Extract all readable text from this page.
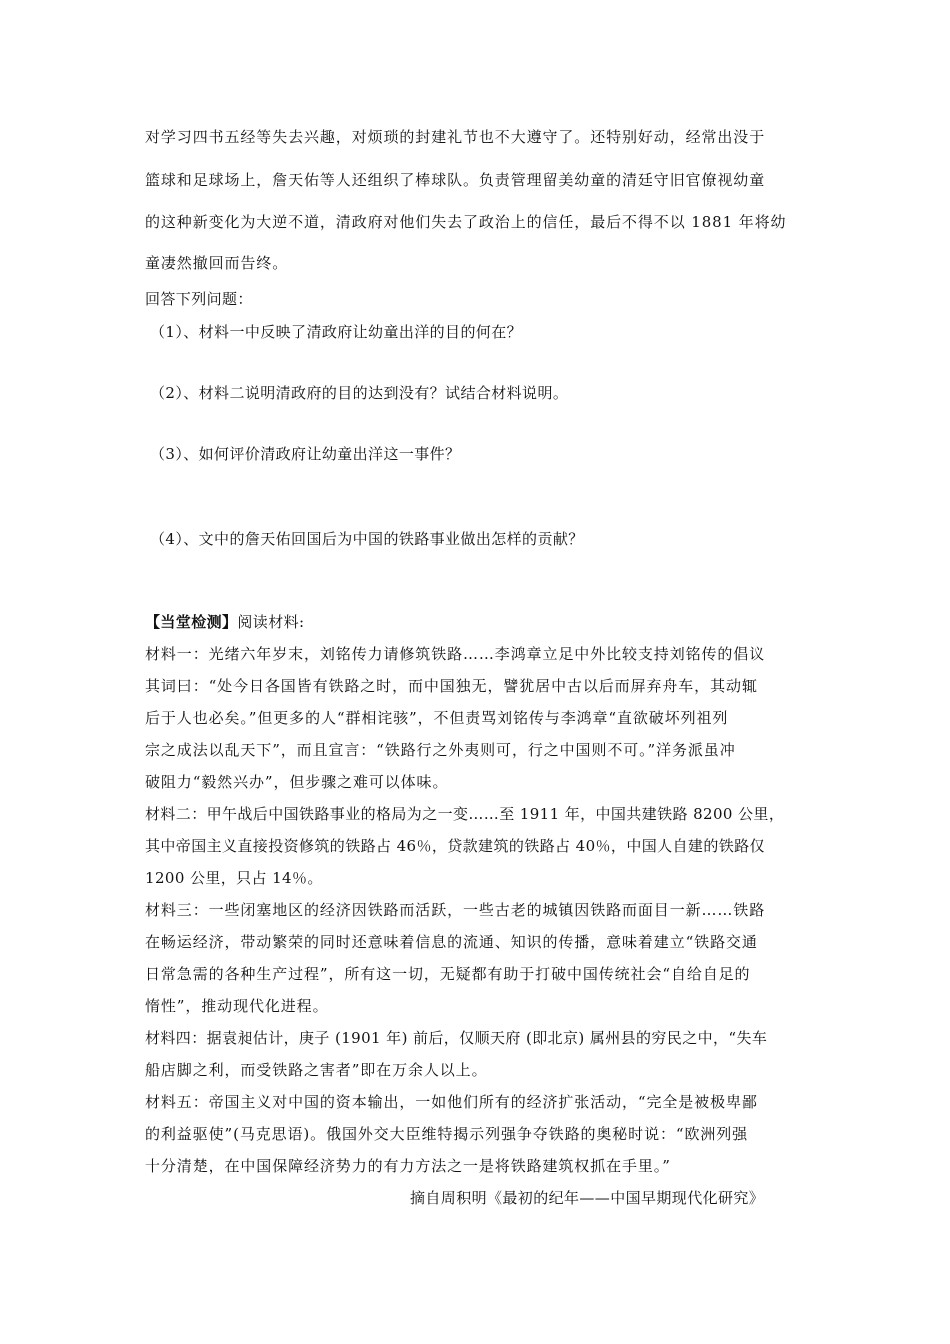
对学习四书五经等失去兴趣，对烦琐的封建礼节也不大遵守了。还特别好动，经常出没于
篮球和足球场上，詹天佑等人还组织了棒球队。负责管理留美幼童的清廷守旧官僚视幼童
的这种新变化为大逆不道，清政府对他们失去了政治上的信任，最后不得不以 1881 年将幼
童凄然撤回而告终。
回答下列问题：
（1）、材料一中反映了清政府让幼童出洋的目的何在？
（2）、材料二说明清政府的目的达到没有？试结合材料说明。
（3）、如何评价清政府让幼童出洋这一事件？
（4）、文中的詹天佑回国后为中国的铁路事业做出怎样的贡献？
【当堂检测】阅读材料:
材料一：光绪六年岁末，刘铭传力请修筑铁路……李鸿章立足中外比较支持刘铭传的倡议
其词曰：“处今日各国皆有铁路之时，而中国独无，譬犹居中古以后而屏弃舟车，其动辄
后于人也必矣。”但更多的人“群相诧骇”，不但责骂刘铭传与李鸿章“直欲破坏列祖列
宗之成法以乱天下”，而且宣言：“铁路行之外夷则可，行之中国则不可。”洋务派虽冲
破阻力“毅然兴办”，但步骤之难可以体味。
材料二：甲午战后中国铁路事业的格局为之一变……至 1911 年，中国共建铁路 8200 公里，
其中帝国主义直接投资修筑的铁路占 46％，贷款建筑的铁路占 40％，中国人自建的铁路仅
1200 公里，只占 14％。
材料三：一些闭塞地区的经济因铁路而活跃，一些古老的城镇因铁路而面目一新……铁路
在畅运经济，带动繁荣的同时还意味着信息的流通、知识的传播，意味着建立“铁路交通
日常急需的各种生产过程”，所有这一切，无疑都有助于打破中国传统社会“自给自足的
惰性”，推动现代化进程。
材料四：据袁昶估计，庚子 (1901 年) 前后，仅顺天府 (即北京) 属州县的穷民之中，“失车
船店脚之利，而受铁路之害者”即在万余人以上。
材料五：帝国主义对中国的资本输出，一如他们所有的经济扩张活动，“完全是被极卑鄙
的利益驱使”(马克思语)。俄国外交大臣维特揭示列强争夺铁路的奥秘时说：“欧洲列强
十分清楚，在中国保障经济势力的有力方法之一是将铁路建筑权抓在手里。”
摘自周积明《最初的纪年——中国早期现代化研究》
